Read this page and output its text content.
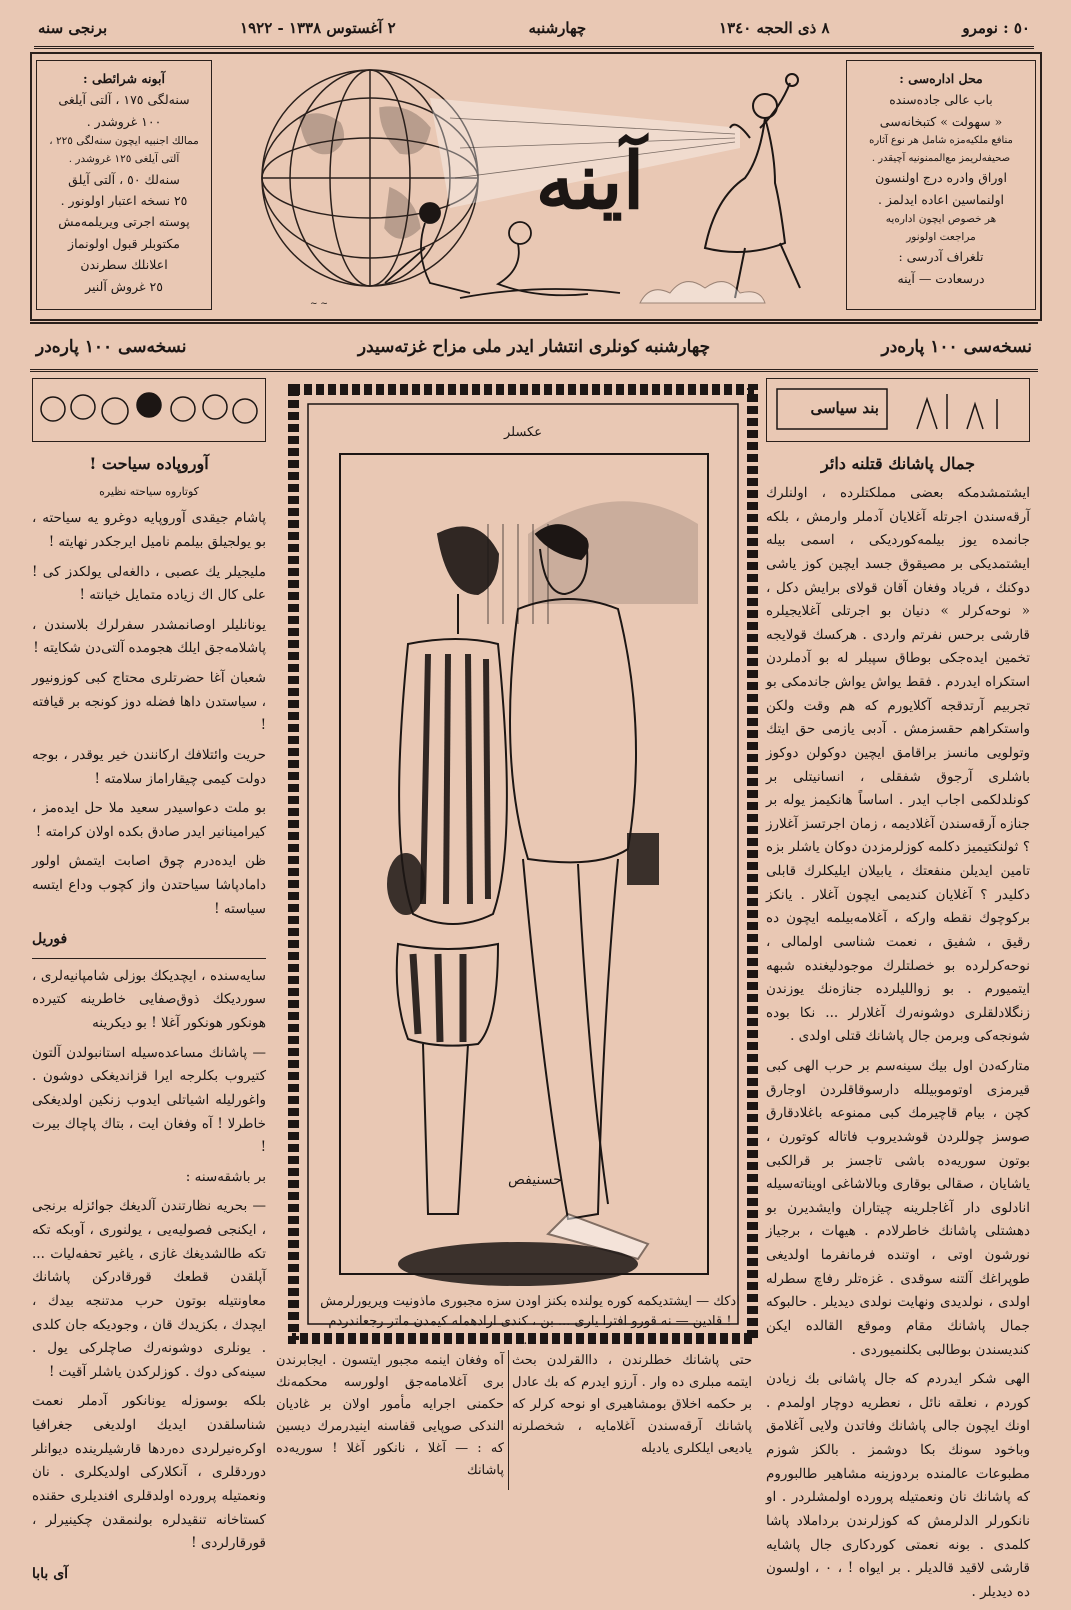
٥٠ : نومرو
٨ ذی الحجه ١٣٤٠
چهارشنبه
٢ آغستوس ١٣٣٨ - ١٩٢٢
برنجی سنه
آبونه شرائطی :
سنه‌لگی ١٧٥ ، آلتی آیلغی
١٠٠ غروشدر .
ممالك اجنبیه ایچون سنه‌لگی ٢٢٥ ،
آلتی آیلغی ١٢٥ غروشدر .
سنه‌لك ٥٠ ، آلتی آیلق
٢٥ نسخه اعتبار اولونور .
پوسته اجرتی ویریلمه‌مش
مکتوبلر قبول اولونماز
اعلانلك سطرندن
٢٥ غروش آلنیر
آينه
~ ~
محل اداره‌سی :
باب عالی جاده‌سنده
« سهولت » کتبخانه‌سی
منافع ملکیه‌مزه شامل هر نوع آثاره
صحیفه‌لریمز مع‌الممنونیه آچیقدر .
اوراق وادره درج اولنسون
اولنماسین اعاده ایدلمز .
هر خصوص ایچون اداره‌یه
مراجعت اولونور
تلغراف آدرسی :
درسعادت — آينه
نسخه‌سی ١٠٠ پاره‌در
چهارشنبه کونلری انتشار ایدر ملی مزاح غزته‌سیدر
نسخه‌سی ١٠٠ پاره‌در
آوروپاده سیاحت !
کوتاروه سیاحته نظیره

پاشام جیقدی آوروپایه دوغرو یه سیاحته ، بو یولجیلق بیلمم نامیل ایرجکدر نهایته !

ملیجیلر یك عصبی ، دالغه‌لی یولکدز کی ! علی کال اك زیاده متمایل خیانته !

یونانلیلر اوصانمشدر سفرلرك بلاسندن ، پاشلامه‌جق ایلك هجومده آلتی‌دن شکایته !

شعبان آغا حضرتلری محتاج کبی کوزونیور ، سیاستدن داها فضله دوز کونجه بر قیافته !

حریت وائتلافك ارکانندن خیر یوقدر ، بوجه دولت کیمی چیقاراماز سلامته !

بو ملت دعواسیدر سعید ملا حل ایده‌مز ، کیرامینانیر ایدر صادق بکده اولان کرامته !

ظن ایده‌درم چوق اصابت ایتمش اولور دامادپاشا سیاحتدن واز کچوب وداع ایتسه سیاسته !

فوریل

سایه‌سنده ، ایچدیکك بوزلی شامپانیه‌لری ، سوردیکك ذوق‌صفایی خاطرینه کتیرده هونکور هونکور آغلا ! بو دیکرینه

— پاشانك مساعده‌سیله استانبولدن آلتون کتیروب بکلرجه ایرا قزاندیغکی دوشون . واغورلیله اشیاتلی ایدوب زنکین اولدیغکی خاطرلا ! آه وفغان ایت ، بتاك پاچاك بیرت !

بر باشقه‌سنه :

— بحریه نظارتندن آلدیغك جوائزله برنجی ، ایکنجی فصولیه‌یی ، یولنوری ، آوبکه تکه تکه طالشدیغك غازی ، یاغیر تحفه‌لیات ... آپلقدن قطعك قورقادرکن پاشانك معاونتیله بوتون حرب مدتنجه بیدك ، ایچدك ، بکزیدك قان ، وجودیکه جان کلدی . یونلری دوشونه‌رك صاچلرکی یول . سینه‌کی دوك . کوزلرکدن یاشلر آقیت !

بلکه بوسوزله یونانکور آدملر نعمت شناسلقدن ایدیك اولدیغی جغرافیا اوکره‌نیرلردی ده‌ردها قارشیلرینده دیوانلر دوردقلری ، آنکلارکی اولدیکلری . نان ونعمتیله پرورده اولدقلری افندیلری حقنده کستاخانه تنقیدلره بولنمقدن چکینیرلر ، قورقارلردی !

آی بابا
عکسلر
حسنیفص
ادکك — ایشتدیکمه کوره یولنده بکنز اودن سزه مجبوری ماذونیت ویریورلرمش ! قادین — نه قورو افترا یاری ... بن ، کندی ارادهمله کیمدن ماتر رجعاندردم !..
بند سیاسی
جمال پاشانك قتلنه دائر

ایشتمشدمکه بعضی مملکتلرده ، اولنلرك آرقه‌سندن اجرتله آغلایان آدملر وارمش ، بلکه جانمده یوز بیلمه‌کوردیکی ، اسمی بیله ایشتمدیکی بر مصیقوق جسد ایچین کوز یاشی دوکنك ، فریاد وفغان آقان قولای برایش دکل ، « نوحه‌کرلر » دنیان بو اجرتلی آغلایجیلره قارشی برحس نفرتم واردی . هرکسك قولایجه تخمین ایده‌جکی بوطاق سپبلر له بو آدملردن استکراه ایدردم . فقط یواش یواش جاندمکی بو تجربیم آرتدقجه آکلایورم که هم وقت ولکن واستکراهم حقسزمش . آدبی یازمی حق ایتك وتولویی مانسز براقامق ایچین دوکولن دوکوز باشلری آرجوق شفقلی ، انسانیتلی بر کونلدلکمی اجاب ایدر . اساساً هانکیمز یوله بر جنازه آرقه‌سندن آغلادیمه ، زمان اجرتسز آغلارز ؟ ثولنکتیمیز دکلمه کوزلرمزدن دوکان یاشلر بزه تامین ایدیلن منفعتك ، یابیلان ایلیکلرك قابلی دکلیدر ؟ آغلایان کندیمی ایچون آغلار . یانکز برکوچوك نقطه وارکه ، آغلامه‌بیلمه ایچون ده رقیق ، شفیق ، نعمت شناسی اولمالی ، نوحه‌کرلرده بو خصلتلرك موجودلیغنده شبهه ایتمیورم . بو زواللیلرده جنازه‌نك یوزندن زنگلادلقلری دوشونه‌رك آغلارلر ... نکا بوده شونجه‌کی وبرمن جال پاشانك قتلی اولدی .

متارکه‌دن اول بیك سینه‌سم بر حرب الهی کبی قیرمزی اوتوموبیلله دارسوقاقلردن اوجارق کچن ، بیام قاچیرمك کبی ممنوعه باغلادقارق صوسز چوللردن قوشدیروب فاتاله کوتورن ، بوتون سوریه‌ده باشی تاجسز بر قرالکبی یاشایان ، صقالی بوقاری وبالاشاغی اویناته‌سیله انادلوی دار آغاجلرینه چیتاران وایشدیرن بو دهشتلی پاشانك خاطرلادم . هیهات ، برجیاز نورشون اوتی ، اوتنده فرمانفرما اولدیغی طوپراغك آلتنه سوقدی . غزه‌تلر رفاچ سطرله اولدی ، نولدیدی ونهایت نولدی دیدیلر . حالبوکه جمال پاشانك مقام وموقع القالده ایکن کندیسندن بوطالبی بکلنمیوردی .

الهی شکر ایدردم که جال پاشانی بك زیادن کوردم ، نعلقه نائل ، نعطریه دوچار اولمدم . اونك ایچون جالی پاشانك وفاتدن ولایی آغلامق وباخود سونك بکا دوشمز . بالکز شوزم مطبوعات عالمنده بردوزینه مشاهیر طالبوروم که پاشانك نان ونعمتیله پرورده اولمشلردر . او نانکورلر الدلرمش که کوزلرندن برداملاد پاشا کلمدی . بونه نعمتی کوردکاری جال پاشایه قارشی لاقید قالدیلر . بر ایواه ! ، ٠ ، اولسون ده دیدیلر .

حتی پاشانك خطلرندن ، داالقرلدن بحث ایتمه مبلری ده وار . آرزو ایدرم که بك عادل بر حکمه اخلاق بومشاهیری او نوحه کرلر که پاشانك آرقه‌سندن آغلامایه ، شخصلرنه یادیعی ایلکلری یادیله
آه وفغان اینمه مجبور ایتسون . ایجابرندن بری آغلامامه‌جق اولورسه محکمه‌نك حکمنی اجرایه مأمور اولان بر غادیان الندکی صوپایی قفاسنه اینیدرمرك دیسین که : — آغلا ، نانکور آغلا ! سوریه‌ده پاشانك
